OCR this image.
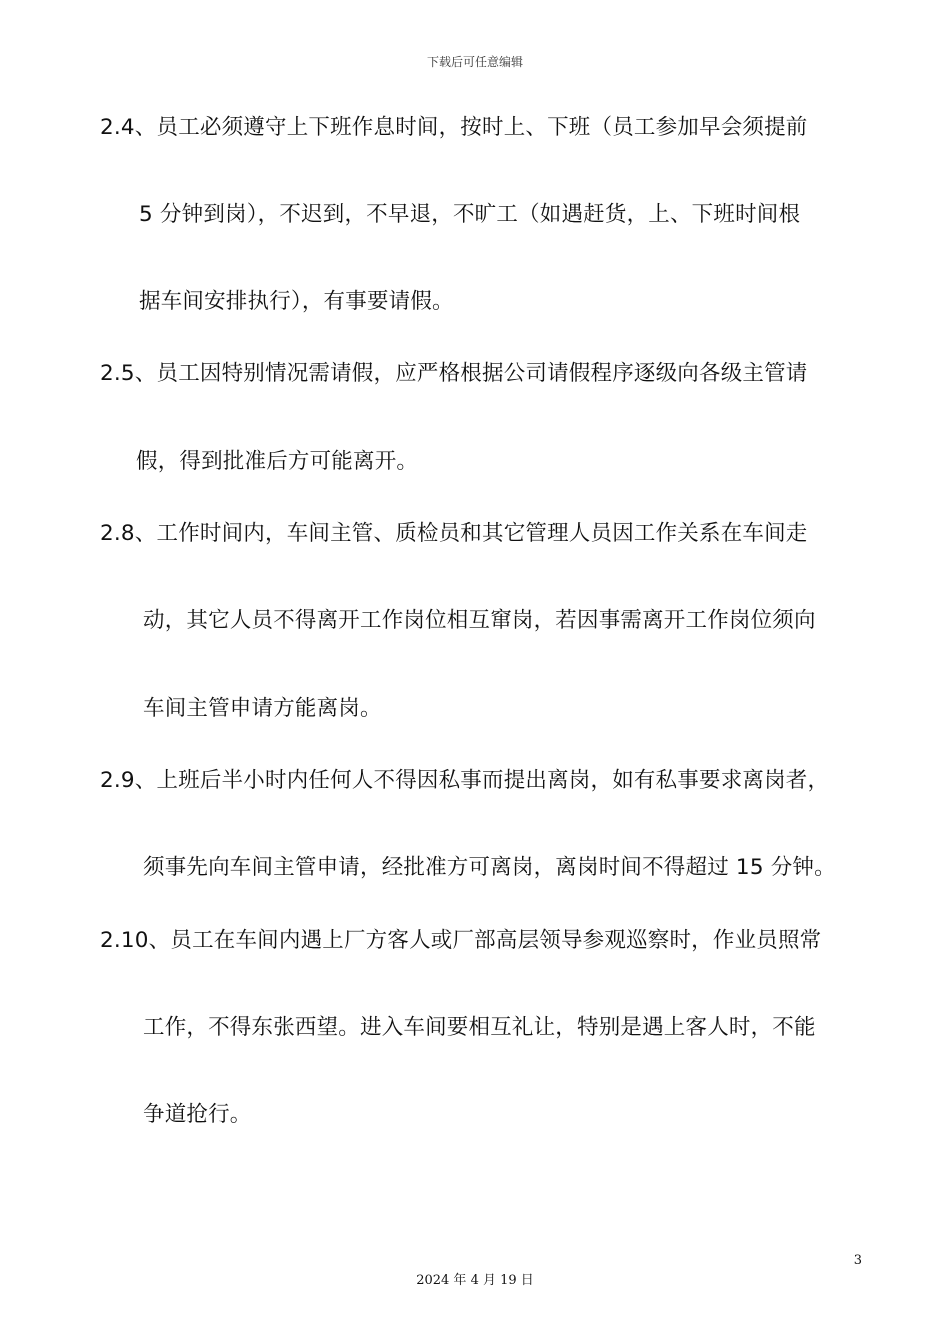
下载后可任意编辑
2.4、员工必须遵守上下班作息时间，按时上、下班（员工参加早会须提前
5 分钟到岗），不迟到，不早退，不旷工（如遇赶货，上、下班时间根
据车间安排执行），有事要请假。
2.5、员工因特别情况需请假，应严格根据公司请假程序逐级向各级主管请
假，得到批准后方可能离开。
2.8、工作时间内，车间主管、质检员和其它管理人员因工作关系在车间走
动，其它人员不得离开工作岗位相互窜岗，若因事需离开工作岗位须向
车间主管申请方能离岗。
2.9、上班后半小时内任何人不得因私事而提出离岗，如有私事要求离岗者，
须事先向车间主管申请，经批准方可离岗，离岗时间不得超过 15 分钟。
2.10、员工在车间内遇上厂方客人或厂部高层领导参观巡察时，作业员照常
工作，不得东张西望。进入车间要相互礼让，特别是遇上客人时，不能
争道抢行。
3
2024 年 4 月 19 日
